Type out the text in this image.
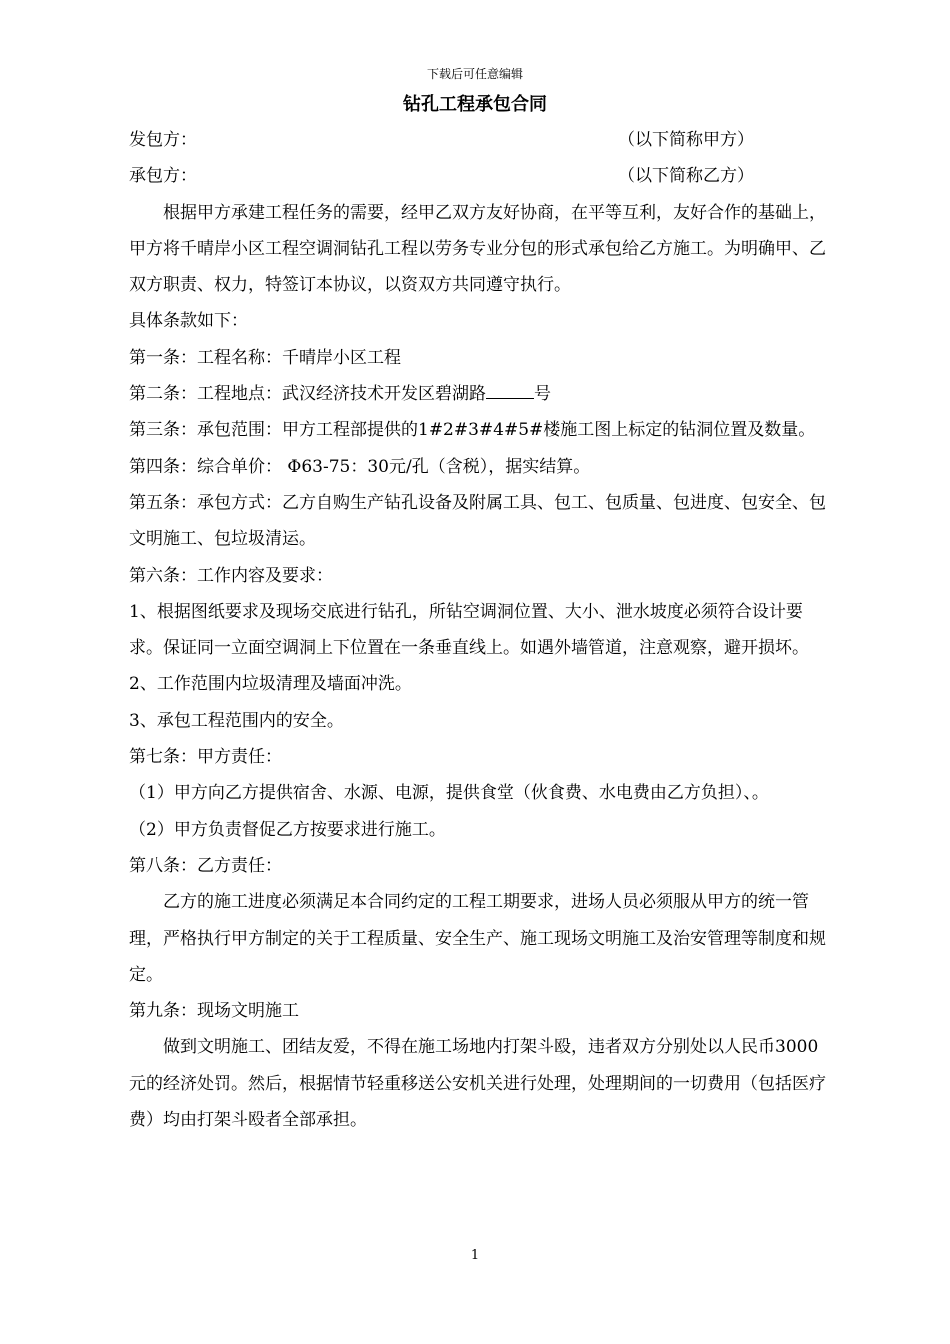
下载后可任意编辑
钻孔工程承包合同

发包方：	（以下简称甲方）

承包方：	（以下简称乙方）

根据甲方承建工程任务的需要，经甲乙双方友好协商，在平等互利，友好合作的基础上，甲方将千晴岸小区工程空调洞钻孔工程以劳务专业分包的形式承包给乙方施工。为明确甲、乙双方职责、权力，特签订本协议，以资双方共同遵守执行。

具体条款如下：

第一条：工程名称：千晴岸小区工程

第二条：工程地点：武汉经济技术开发区碧湖路	号

第三条：承包范围：甲方工程部提供的1#2#3#4#5#楼施工图上标定的钻洞位置及数量。

第四条：综合单价： Φ63-75：30元/孔（含税），据实结算。

第五条：承包方式：乙方自购生产钻孔设备及附属工具、包工、包质量、包进度、包安全、包文明施工、包垃圾清运。

第六条：工作内容及要求：

1、根据图纸要求及现场交底进行钻孔，所钻空调洞位置、大小、泄水坡度必须符合设计要求。保证同一立面空调洞上下位置在一条垂直线上。如遇外墙管道，注意观察，避开损坏。

2、工作范围内垃圾清理及墙面冲洗。

3、承包工程范围内的安全。

第七条：甲方责任：

（1）甲方向乙方提供宿舍、水源、电源，提供食堂（伙食费、水电费由乙方负担）、。

（2）甲方负责督促乙方按要求进行施工。

第八条：乙方责任：

乙方的施工进度必须满足本合同约定的工程工期要求，进场人员必须服从甲方的统一管理，严格执行甲方制定的关于工程质量、安全生产、施工现场文明施工及治安管理等制度和规定。

第九条：现场文明施工

做到文明施工、团结友爱，不得在施工场地内打架斗殴，违者双方分别处以人民币3000元的经济处罚。然后，根据情节轻重移送公安机关进行处理，处理期间的一切费用（包括医疗费）均由打架斗殴者全部承担。

1
